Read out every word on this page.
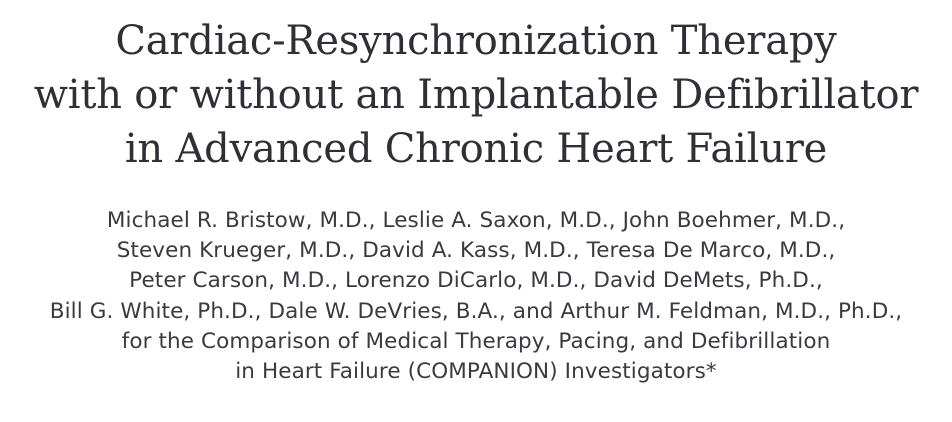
Cardiac-Resynchronization Therapy
with or without an Implantable Defibrillator
in Advanced Chronic Heart Failure
Michael R. Bristow, M.D., Leslie A. Saxon, M.D., John Boehmer, M.D.,
Steven Krueger, M.D., David A. Kass, M.D., Teresa De Marco, M.D.,
Peter Carson, M.D., Lorenzo DiCarlo, M.D., David DeMets, Ph.D.,
Bill G. White, Ph.D., Dale W. DeVries, B.A., and Arthur M. Feldman, M.D., Ph.D.,
for the Comparison of Medical Therapy, Pacing, and Defibrillation
in Heart Failure (COMPANION) Investigators*
